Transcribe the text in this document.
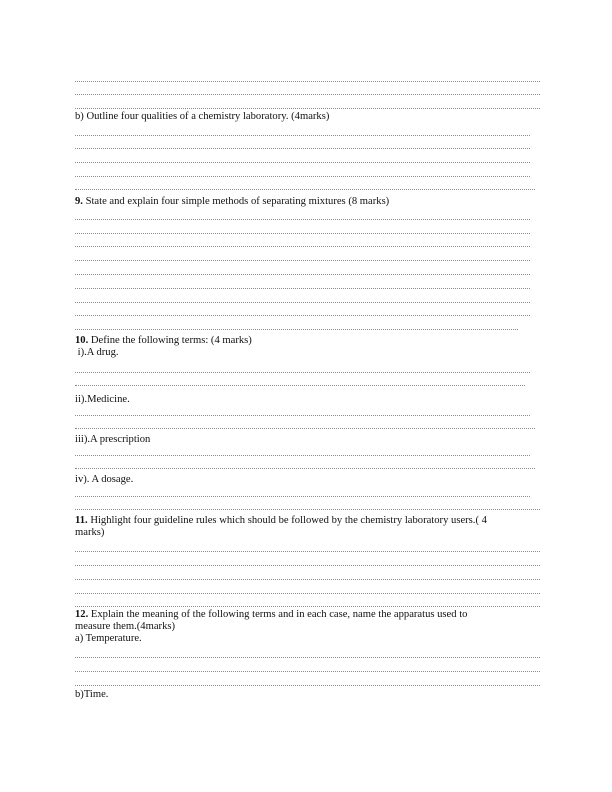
b) Outline four qualities of a chemistry laboratory. (4marks)
9. State and explain four simple methods of separating mixtures (8 marks)
10. Define the following terms: (4 marks)
i).A drug.
ii).Medicine.
iii).A prescription
iv). A dosage.
11. Highlight four guideline rules which should be followed by the chemistry laboratory users.( 4
marks)
12. Explain the meaning of the following terms and in each case, name the apparatus used to
measure them.(4marks)
a) Temperature.
b)Time.
